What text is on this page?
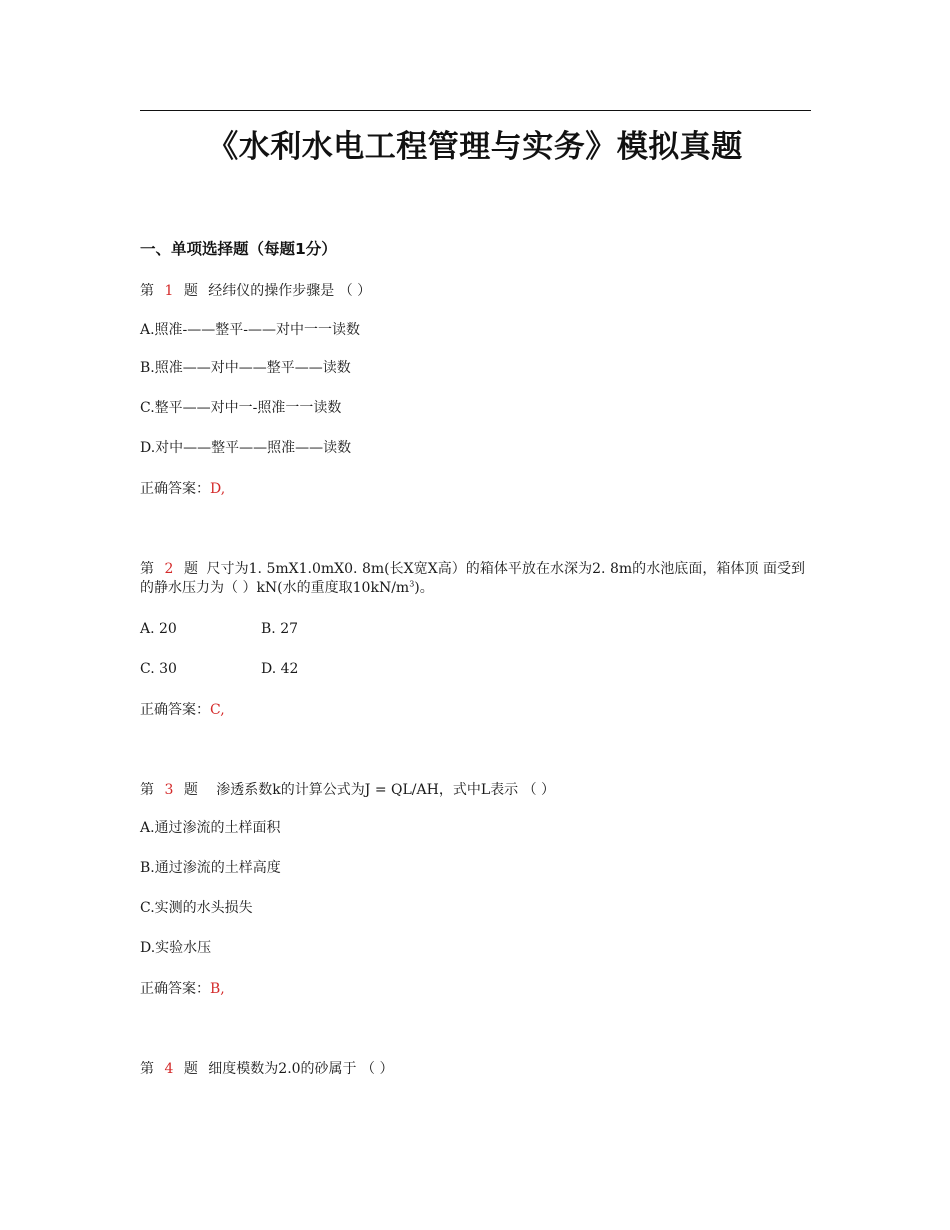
《水利水电工程管理与实务》模拟真题
一、单项选择题（每题1分）
第 1 题 经纬仪的操作步骤是 （ ）
A.照准-——整平-——对中一一读数
B.照准——对中——整平——读数
C.整平——对中一-照准一一读数
D.对中——整平——照准——读数
正确答案：D,
第 2 题 尺寸为1. 5mX1.0mX0. 8m(长X宽X高）的箱体平放在水深为2. 8m的水池底面，箱体顶 面受到的静水压力为（ ）kN(水的重度取$10kN/m^3$)。
A. 20	B. 27
C. 30	D. 42
正确答案：C,
第 3 题 渗透系数k的计算公式为J = QL/AH，式中L表示 （ ）
A.通过渗流的土样面积
B.通过渗流的土样高度
C.实测的水头损失
D.实验水压
正确答案：B,
第 4 题 细度模数为2.0的砂属于 （ ）
